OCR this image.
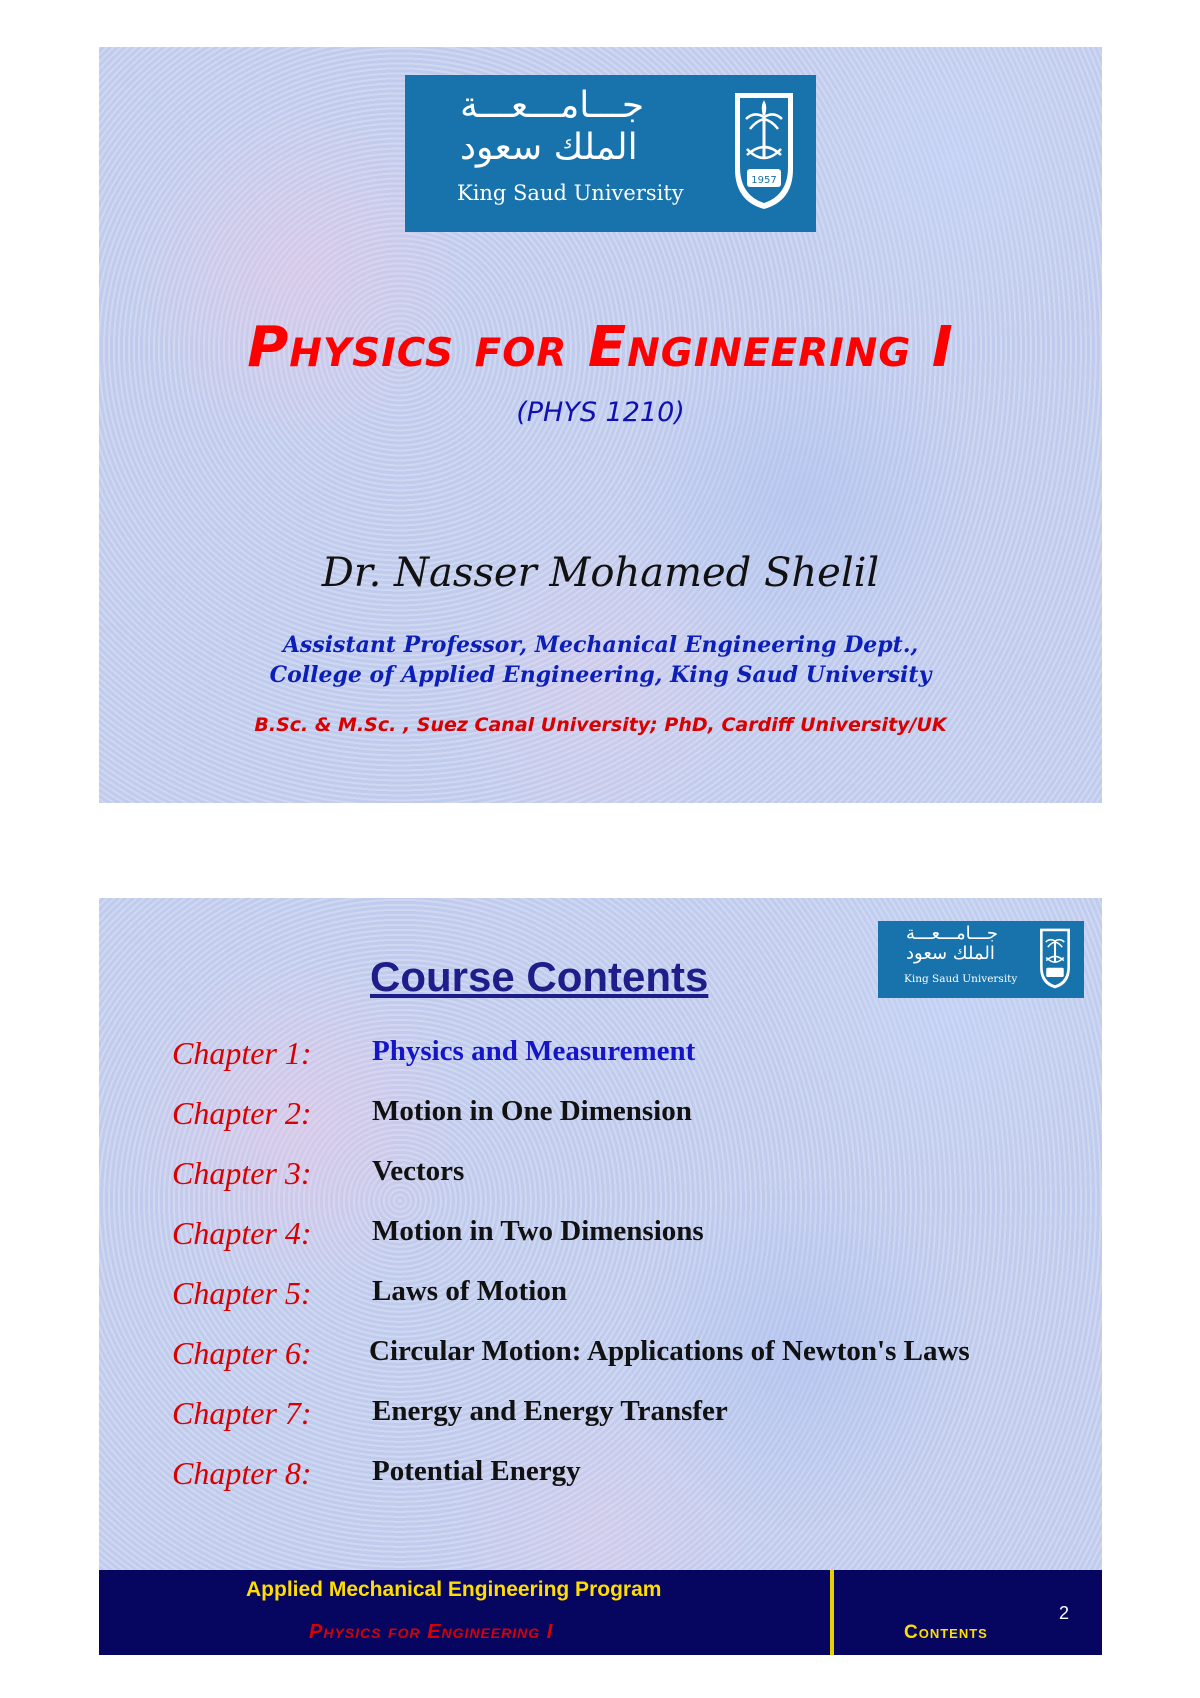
جـــامـــعـــة
الملك سعود
King Saud University
1957
Physics for Engineering I
(PHYS 1210)
Dr. Nasser Mohamed Shelil
Assistant Professor, Mechanical Engineering Dept.,
College of Applied Engineering, King Saud University
B.Sc. & M.Sc. , Suez Canal University; PhD, Cardiff University/UK
جـــامـــعـــة
الملك سعود
King Saud University
Course Contents
Chapter 1: Physics and Measurement
Chapter 2: Motion in One Dimension
Chapter 3: Vectors
Chapter 4: Motion in Two Dimensions
Chapter 5: Laws of Motion
Chapter 6: Circular Motion: Applications of Newton's Laws
Chapter 7: Energy and Energy Transfer
Chapter 8: Potential Energy
Applied Mechanical Engineering Program
Physics for Engineering I
2
Contents
